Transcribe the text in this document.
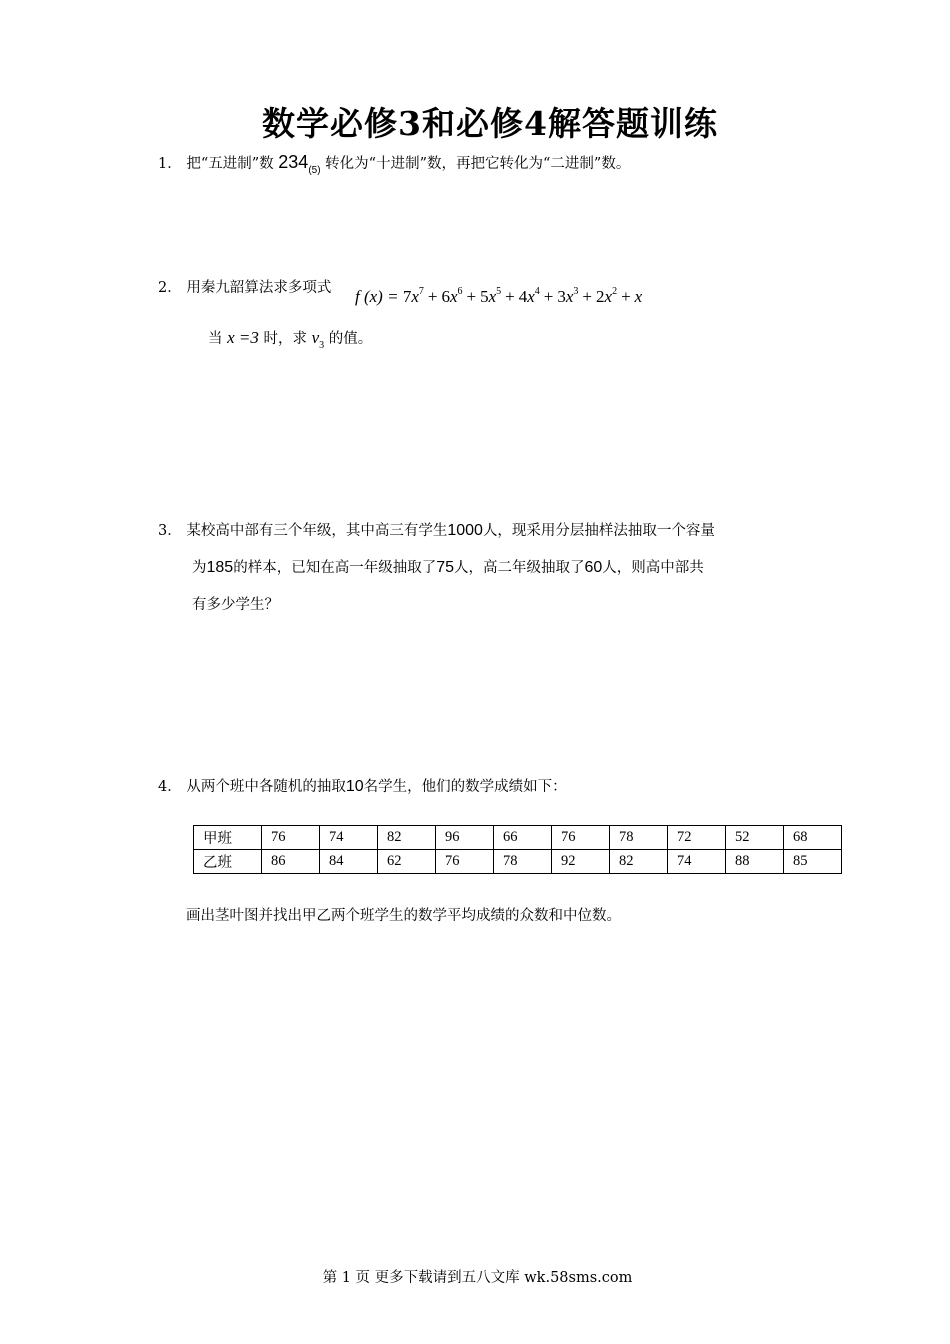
数学必修3和必修4解答题训练
1． 把“五进制”数 $234_{(5)}$ 转化为“十进制”数，再把它转化为“二进制”数。
2． 用秦九韶算法求多项式 f $(x) = 7x^7 + 6x^6 + 5x^5 + 4x^4 + 3x^3 + 2x^2 + x$
当 x =3 时，求 $v_3$ 的值。
3． 某校高中部有三个年级，其中高三有学生1000人，现采用分层抽样法抽取一个容量
为185的样本，已知在高一年级抽取了75人，高二年级抽取了60人，则高中部共
有多少学生？
4． 从两个班中各随机的抽取10名学生，他们的数学成绩如下：
甲班	76	74	82	96	66	76	78	72	52	68
乙班	86	84	62	76	78	92	82	74	88	85
画出茎叶图并找出甲乙两个班学生的数学平均成绩的众数和中位数。
第 1 页 更多下载请到五八文库 wk.58sms.com
